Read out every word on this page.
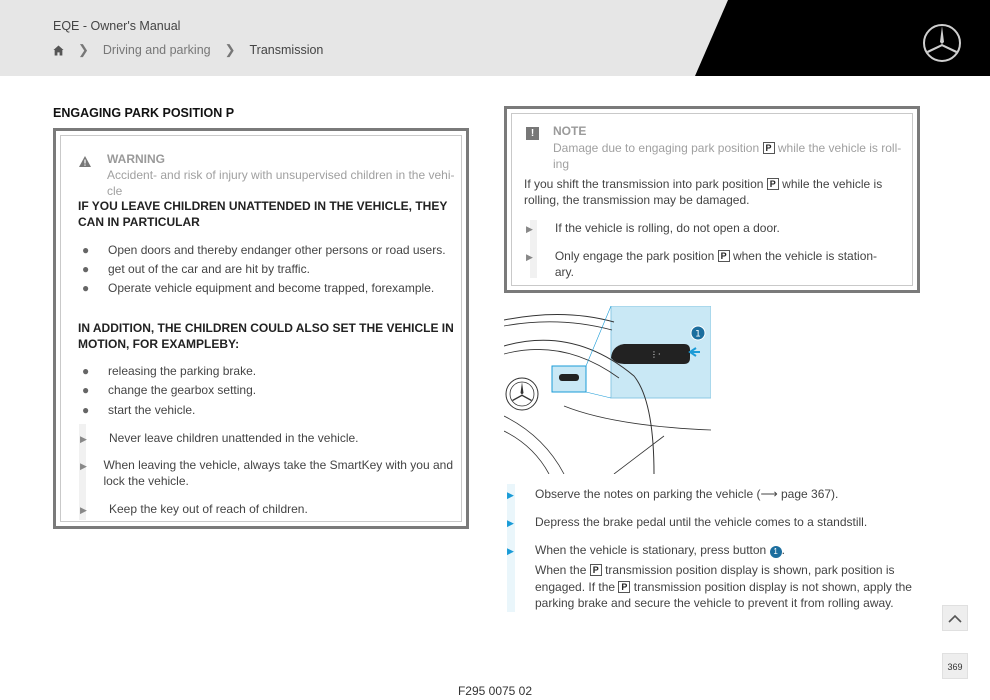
EQE - Owner's Manual
❯ Driving and parking ❯ Transmission
ENGAGING PARK POSITION P
WARNING
Accident- and risk of injury with unsupervised children in the vehi-cle
IF YOU LEAVE CHILDREN UNATTENDED IN THE VEHICLE, THEY CAN IN PARTICULAR
●	Open doors and thereby endanger other persons or road users.
●	get out of the car and are hit by traffic.
●	Operate vehicle equipment and become trapped, forexample.
IN ADDITION, THE CHILDREN COULD ALSO SET THE VEHICLE IN MOTION, FOR EXAMPLEBY:
●	releasing the parking brake.
●	change the gearbox setting.
●	start the vehicle.
▶	Never leave children unattended in the vehicle.
▶	When leaving the vehicle, always take the SmartKey with you and lock the vehicle.
▶	Keep the key out of reach of children.
!	NOTE
Damage due to engaging park position P while the vehicle is roll-ing
If you shift the transmission into park position P while the vehicle is rolling, the transmission may be damaged.
▶	If the vehicle is rolling, do not open a door.
▶	Only engage the park position P when the vehicle is station-ary.
⋮·
1
▶	Observe the notes on parking the vehicle (⟶ page 367).
▶	Depress the brake pedal until the vehicle comes to a standstill.
▶	When the vehicle is stationary, press button 1 .
When the P transmission position display is shown, park position is engaged. If the P transmission position display is not shown, apply the parking brake and secure the vehicle to prevent it from rolling away.
369
F295 0075 02
